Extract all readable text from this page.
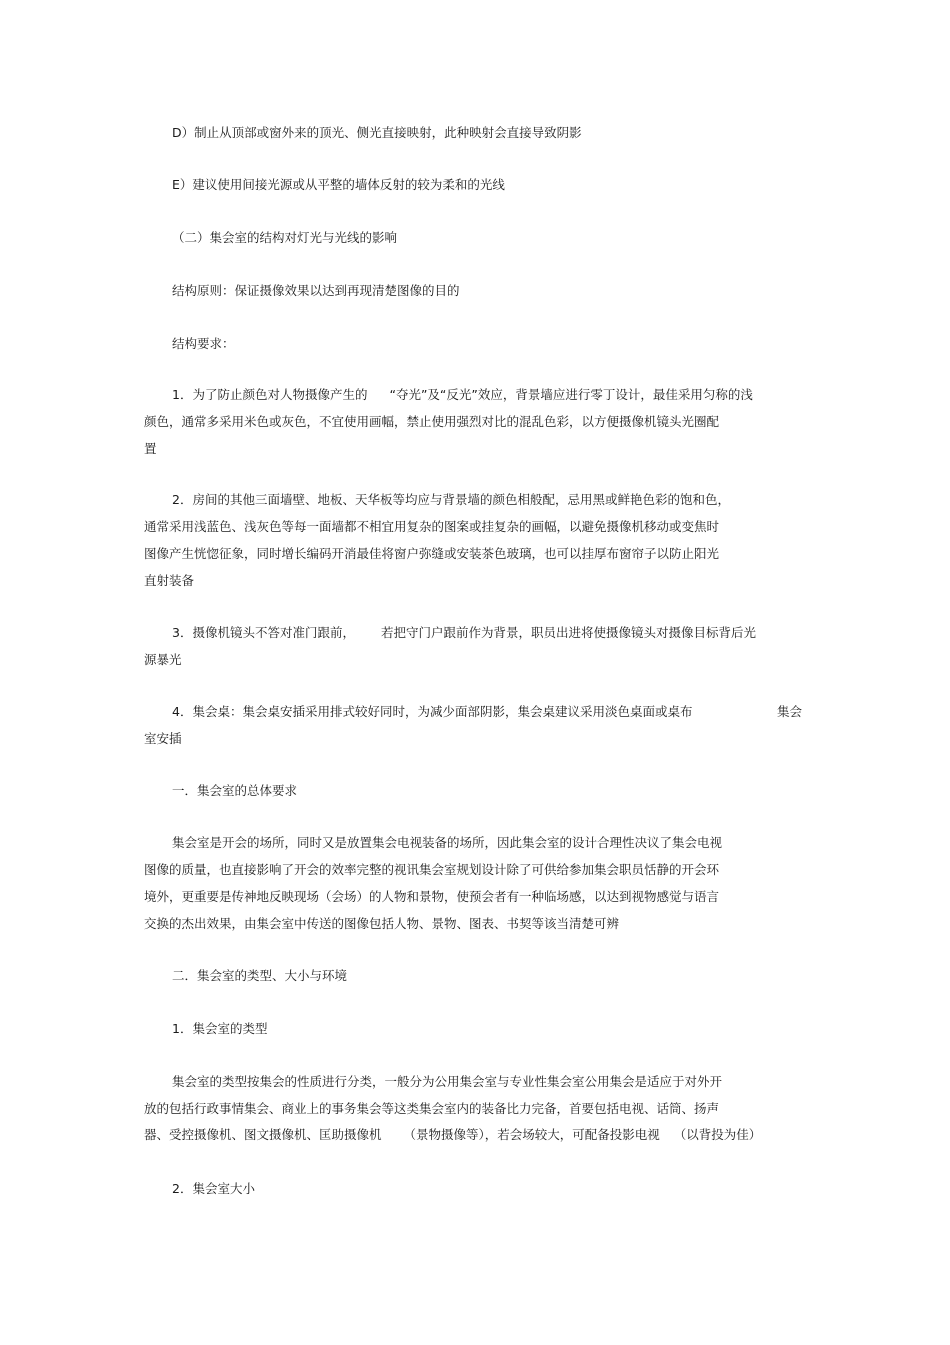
D）制止从顶部或窗外来的顶光、侧光直接映射，此种映射会直接导致阴影
E）建议使用间接光源或从平整的墙体反射的较为柔和的光线
（二）集会室的结构对灯光与光线的影响
结构原则：保证摄像效果以达到再现清楚图像的目的
结构要求：
1．为了防止颜色对人物摄像产生的 “夺光”及“反光”效应，背景墙应进行零丁设计，最佳采用匀称的浅
颜色，通常多采用米色或灰色，不宜使用画幅，禁止使用强烈对比的混乱色彩，以方便摄像机镜头光圈配
置
2．房间的其他三面墙壁、地板、天华板等均应与背景墙的颜色相般配，忌用黑或鲜艳色彩的饱和色，
通常采用浅蓝色、浅灰色等每一面墙都不相宜用复杂的图案或挂复杂的画幅，以避免摄像机移动或变焦时
图像产生恍惚征象，同时增长编码开消最佳将窗户弥缝或安装茶色玻璃，也可以挂厚布窗帘子以防止阳光
直射装备
3．摄像机镜头不答对准门跟前， 若把守门户跟前作为背景，职员出进将使摄像镜头对摄像目标背后光
源暴光
4．集会桌：集会桌安插采用排式较好同时，为减少面部阴影，集会桌建议采用淡色桌面或桌布	集会
室安插
一．集会室的总体要求
集会室是开会的场所，同时又是放置集会电视装备的场所，因此集会室的设计合理性决议了集会电视
图像的质量，也直接影响了开会的效率完整的视讯集会室规划设计除了可供给参加集会职员恬静的开会环
境外，更重要是传神地反映现场（会场）的人物和景物，使预会者有一种临场感，以达到视物感觉与语言
交换的杰出效果，由集会室中传送的图像包括人物、景物、图表、书契等该当清楚可辨
二．集会室的类型、大小与环境
1．集会室的类型
集会室的类型按集会的性质进行分类，一般分为公用集会室与专业性集会室公用集会是适应于对外开
放的包括行政事情集会、商业上的事务集会等这类集会室内的装备比力完备，首要包括电视、话筒、扬声
器、受控摄像机、图文摄像机、匡助摄像机 （景物摄像等），若会场较大，可配备投影电视 （以背投为佳）
2．集会室大小
